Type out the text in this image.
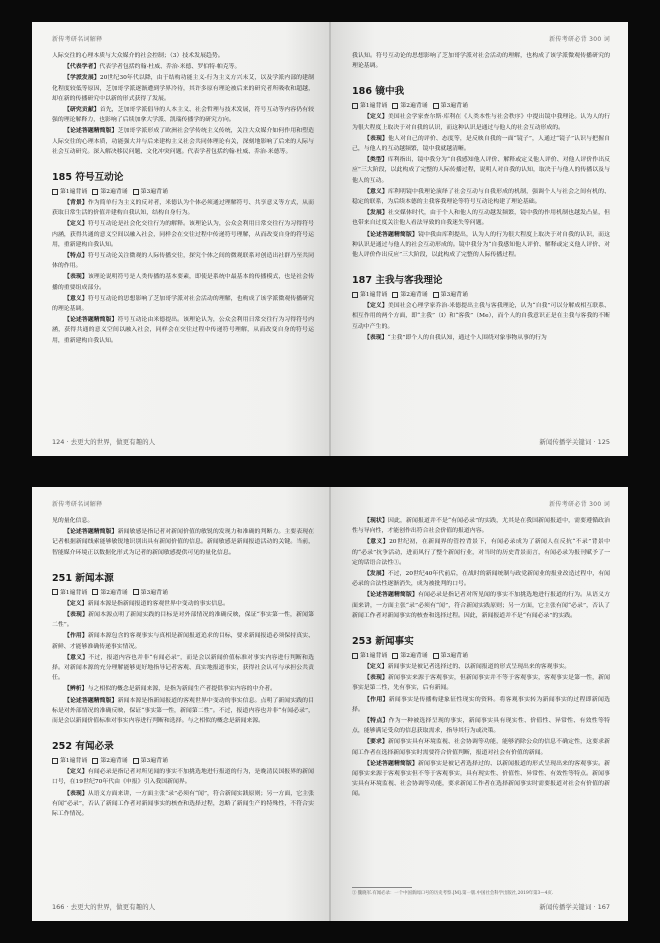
新传考研名词解释

人际交往的心理本质与大众媒介的社会控制；（3）技术发展趋势。

【代表学者】代表学者包括约翰·杜威、乔治·米德、罗伯特·帕克等。

【学派发展】20世纪30年代以降，由于结构功能主义-行为主义方兴未艾，以及学派内部的建制化程度较低等原因，芝加哥学派逐渐遭到学界冷待，其许多原有理论被后来的研究者所吸收和超越，却在新的传播研究中以新的形式获得了发展。

【研究贡献】首先，芝加哥学派倡导的人本主义、社会哲理与技术发展，符号互动等内容仍有较强的理论解释力，也影响了后续加拿大学派、凯瑞传播学的研究方向。

【论述答题精简版】芝加哥学派形成了欧洲社会学传统主义传统，关注大众媒介如何作用和塑造人际交往的心理本质，功能强大并与后来建构主义社会共同体理论有关，深刻地影响了后来的人际与社会互动研究。深入解决移民问题、文化冲突问题。代表学者包括约翰·杜威、乔治·米德等。

185 符号互动论
第1遍背诵 第2遍背诵 第3遍背诵

【背景】作为简单行为主义的反对者，米德认为个体必须通过理解符号、共享意义等方式，从而获取日常生活的价值并建构自我认知，结构自身行为。

【定义】符号互动论是社会化交往行为的解释。该理论认为，公众会利用日常交往行为习得符号内涵，获得共通的意义空间以融入社会，同样会在交往过程中传递符号理解，从而改变自身的符号运用，重新建构自我认知。

【特点】符号互动论关注微观的人际传播交往，探究个体之间的微观联系对创造出社群乃至共同体的作用。

【表现】该理论说明符号是人类传播的基本要素，即使是系统中最基本的传播模式，也是社会传播的重要组成部分。

【意义】符号互动论的思想影响了芝加哥学派对社会活动的理解，也构成了该学派微观传播研究的理论基调。

【论述答题精简版】符号互动论由米德提出。该理论认为，公众会利用日常交往行为习得符号内涵，获得共通的意义空间以融入社会，同样会在交往过程中传递符号理解，从而改变自身的符号运用，重新建构自我认知。

124 · 去更大的世界，做更有趣的人
新传考研必背 300 词

我认知。符号互动论的思想影响了芝加哥学派对社会活动的理解，也构成了该学派微观传播研究的理论基调。

186 镜中我
第1遍背诵 第2遍背诵 第3遍背诵

【定义】美国社会学家查尔斯·库利在《人类本性与社会秩序》中提出镜中我理论。认为人的行为很大程度上取决于对自我的认识，而这种认识是通过与他人的社会互动形成的。

【表现】他人对自己的评价、态度等，是反映自我的一面“镜子”，人通过“镜子”认识与把握自己，与他人的互动越频繁，镜中我就越清晰。

【类型】库利指出，镜中我分为“自我感知他人评价、解释或定义他人评价、对他人评价作出反应”三大阶段，以此构成了完整的人际传播过程，说明人对自我的认知，取决于与他人的传播以及与他人的互动。

【意义】库利明镜中我理论演绎了社会互动与自我形成的机制，强调个人与社会之间有机的、稳定的联系，为后续本德的主我客我理论等符号互动论构建了理论基础。

【发展】社交媒体时代，由于个人和他人的互动越发频繁，镜中我的作用机制也越发凸显，但也带来自过度关注他人看法导致的自我迷失等问题。

【论述答题精简版】镜中我由库利提出，认为人的行为很大程度上取决于对自我的认识，而这种认识是通过与他人的社会互动形成的。镜中我分为“自我感知他人评价、解释或定义他人评价、对他人评价作出反应”三大阶段，以此构成了完整的人际传播过程。

187 主我与客我理论
第1遍背诵 第2遍背诵 第3遍背诵

【定义】美国社会心理学家乔治·米德提出主我与客我理论，认为“自我”可以分解成相互联系、相互作用的两个方面，即“主我”（I）和“客我”（Me），而个人的自我意识正是在主我与客我的不断互动中产生的。

【表现】“主我”即个人的自我认知，通过个人围绕对象事物从事的行为

新闻传播学关键词 · 125
新传考研名词解释

见的量化信息。

【论述答题精简版】新闻敏感是指记者对新闻价值的敏锐的发现力和准确的判断力。主要表现在记者根据新闻线索能够敏锐地识别出具有新闻价值的信息。新闻敏感是新闻报道活动的关键。当前，智能媒介环境正以数据化形式为记者的新闻敏感提供可见的量化信息。

251 新闻本源
第1遍背诵 第2遍背诵 第3遍背诵

【定义】新闻本源是指新闻报道的客观世界中变动的事实信息。

【表现】新闻本源点明了新闻实践的目标是对外部情况的准确反映，保证“事实第一性，新闻第二性”。

【作用】新闻本源包含的客观事实与真相是新闻报道追求的目标，要求新闻报道必须保持真实、新鲜、才能够准确传递事实情况。

【意义】不过，报道内容也并非“有闻必录”，而是会以新闻价值标准对事实内容进行判断和选择。对新闻本源的充分理解能够更好地指导记者客观、真实地报道事实，获得社会认可与承担公共责任。

【辨析】与之相似的概念是新闻来源，是指为新闻生产者提供事实内容的中介者。

【论述答题精简版】新闻本源是指新闻报道的客观世界中变动的事实信息。点明了新闻实践的目标是对外部情况的准确反映，保证“事实第一性，新闻第二性”。不过，报道内容也并非“有闻必录”，而是会以新闻价值标准对事实内容进行判断和选择。与之相似的概念是新闻来源。

252 有闻必录
第1遍背诵 第2遍背诵 第3遍背诵

【定义】有闻必录是指记者对所见闻的事实不加挑选地进行报道的行为，是晚清民国报界的新闻口号，在19世纪70年代由《申报》引入我国新闻界。

【表现】从语义方面来讲，一方面主张“录”必须有“闻”，符合新闻实践原则；另一方面，它主张有闻“必录”，否认了新闻工作者对新闻事实的核查和选择过程，忽略了新闻生产的特殊性，不符合实际工作情况。

166 · 去更大的世界，做更有趣的人
新传考研必背 300 词

【现状】因此，新闻报道并不是“有闻必录”的实践，尤其是在我国新闻报道中，需要遵循政治性与导向性，才能创作出符合社会价值的报道内容。

【意义】20世纪初，在新闻界的管控背景下，有闻必录成为了新闻人在反抗“不录”背景中的“必录”抗争活动，进而风行了整个新闻行业，对当时的历史背景而言，有闻必录为报刊赋予了一定的话语合法性①。

【发展】不过，20世纪40年代前后，在战时的新闻统制与政党新闻业的报业改造过程中，有闻必录的合法性逐渐消失，成为被批判的口号。

【论述答题精简版】有闻必录是指记者对所见闻的事实不加挑选地进行报道的行为。从语义方面来讲，一方面主张“录”必须有“闻”，符合新闻实践原则；另一方面，它主张有闻“必录”，否认了新闻工作者对新闻事实的核查和选择过程。因此，新闻报道并不是“有闻必录”的实践。

253 新闻事实
第1遍背诵 第2遍背诵 第3遍背诵

【定义】新闻事实是被记者选择过的、以新闻报道的形式呈现出来的客观事实。

【表现】新闻事实来源于客观事实，但新闻事实并不等于客观事实，客观事实是第一性，新闻事实是第二性，先有事实，后有新闻。

【作用】新闻事实是传播构建象征性现实的资料。将客观事实转为新闻事实的过程即新闻选择。

【特点】作为一种被选择呈现的事实，新闻事实具有现实性、价值性、异常性、有效性等特点，能够满足受众的信息获取需求，指导其行为或决策。

【要求】新闻事实具有环境监视、社会协调等功能，能够消除公众的信息不确定性，这要求新闻工作者在选择新闻事实时需要符合价值判断，报道对社会有价值的新闻。

【论述答题精简版】新闻事实是被记者选择过的、以新闻报道的形式呈现出来的客观事实。新闻事实来源于客观事实但不等于客观事实，具有现实性、价值性、异常性、有效性等特点。新闻事实具有环境监视、社会协调等功能，要求新闻工作者在选择新闻事实时需要报道对社会有价值的新闻。

① 魏晓军.有闻必录：一个中国新闻口号的历史考察.[M].第一版.中国社会科学出版社,2019年第3—4页.
新闻传播学关键词 · 167
